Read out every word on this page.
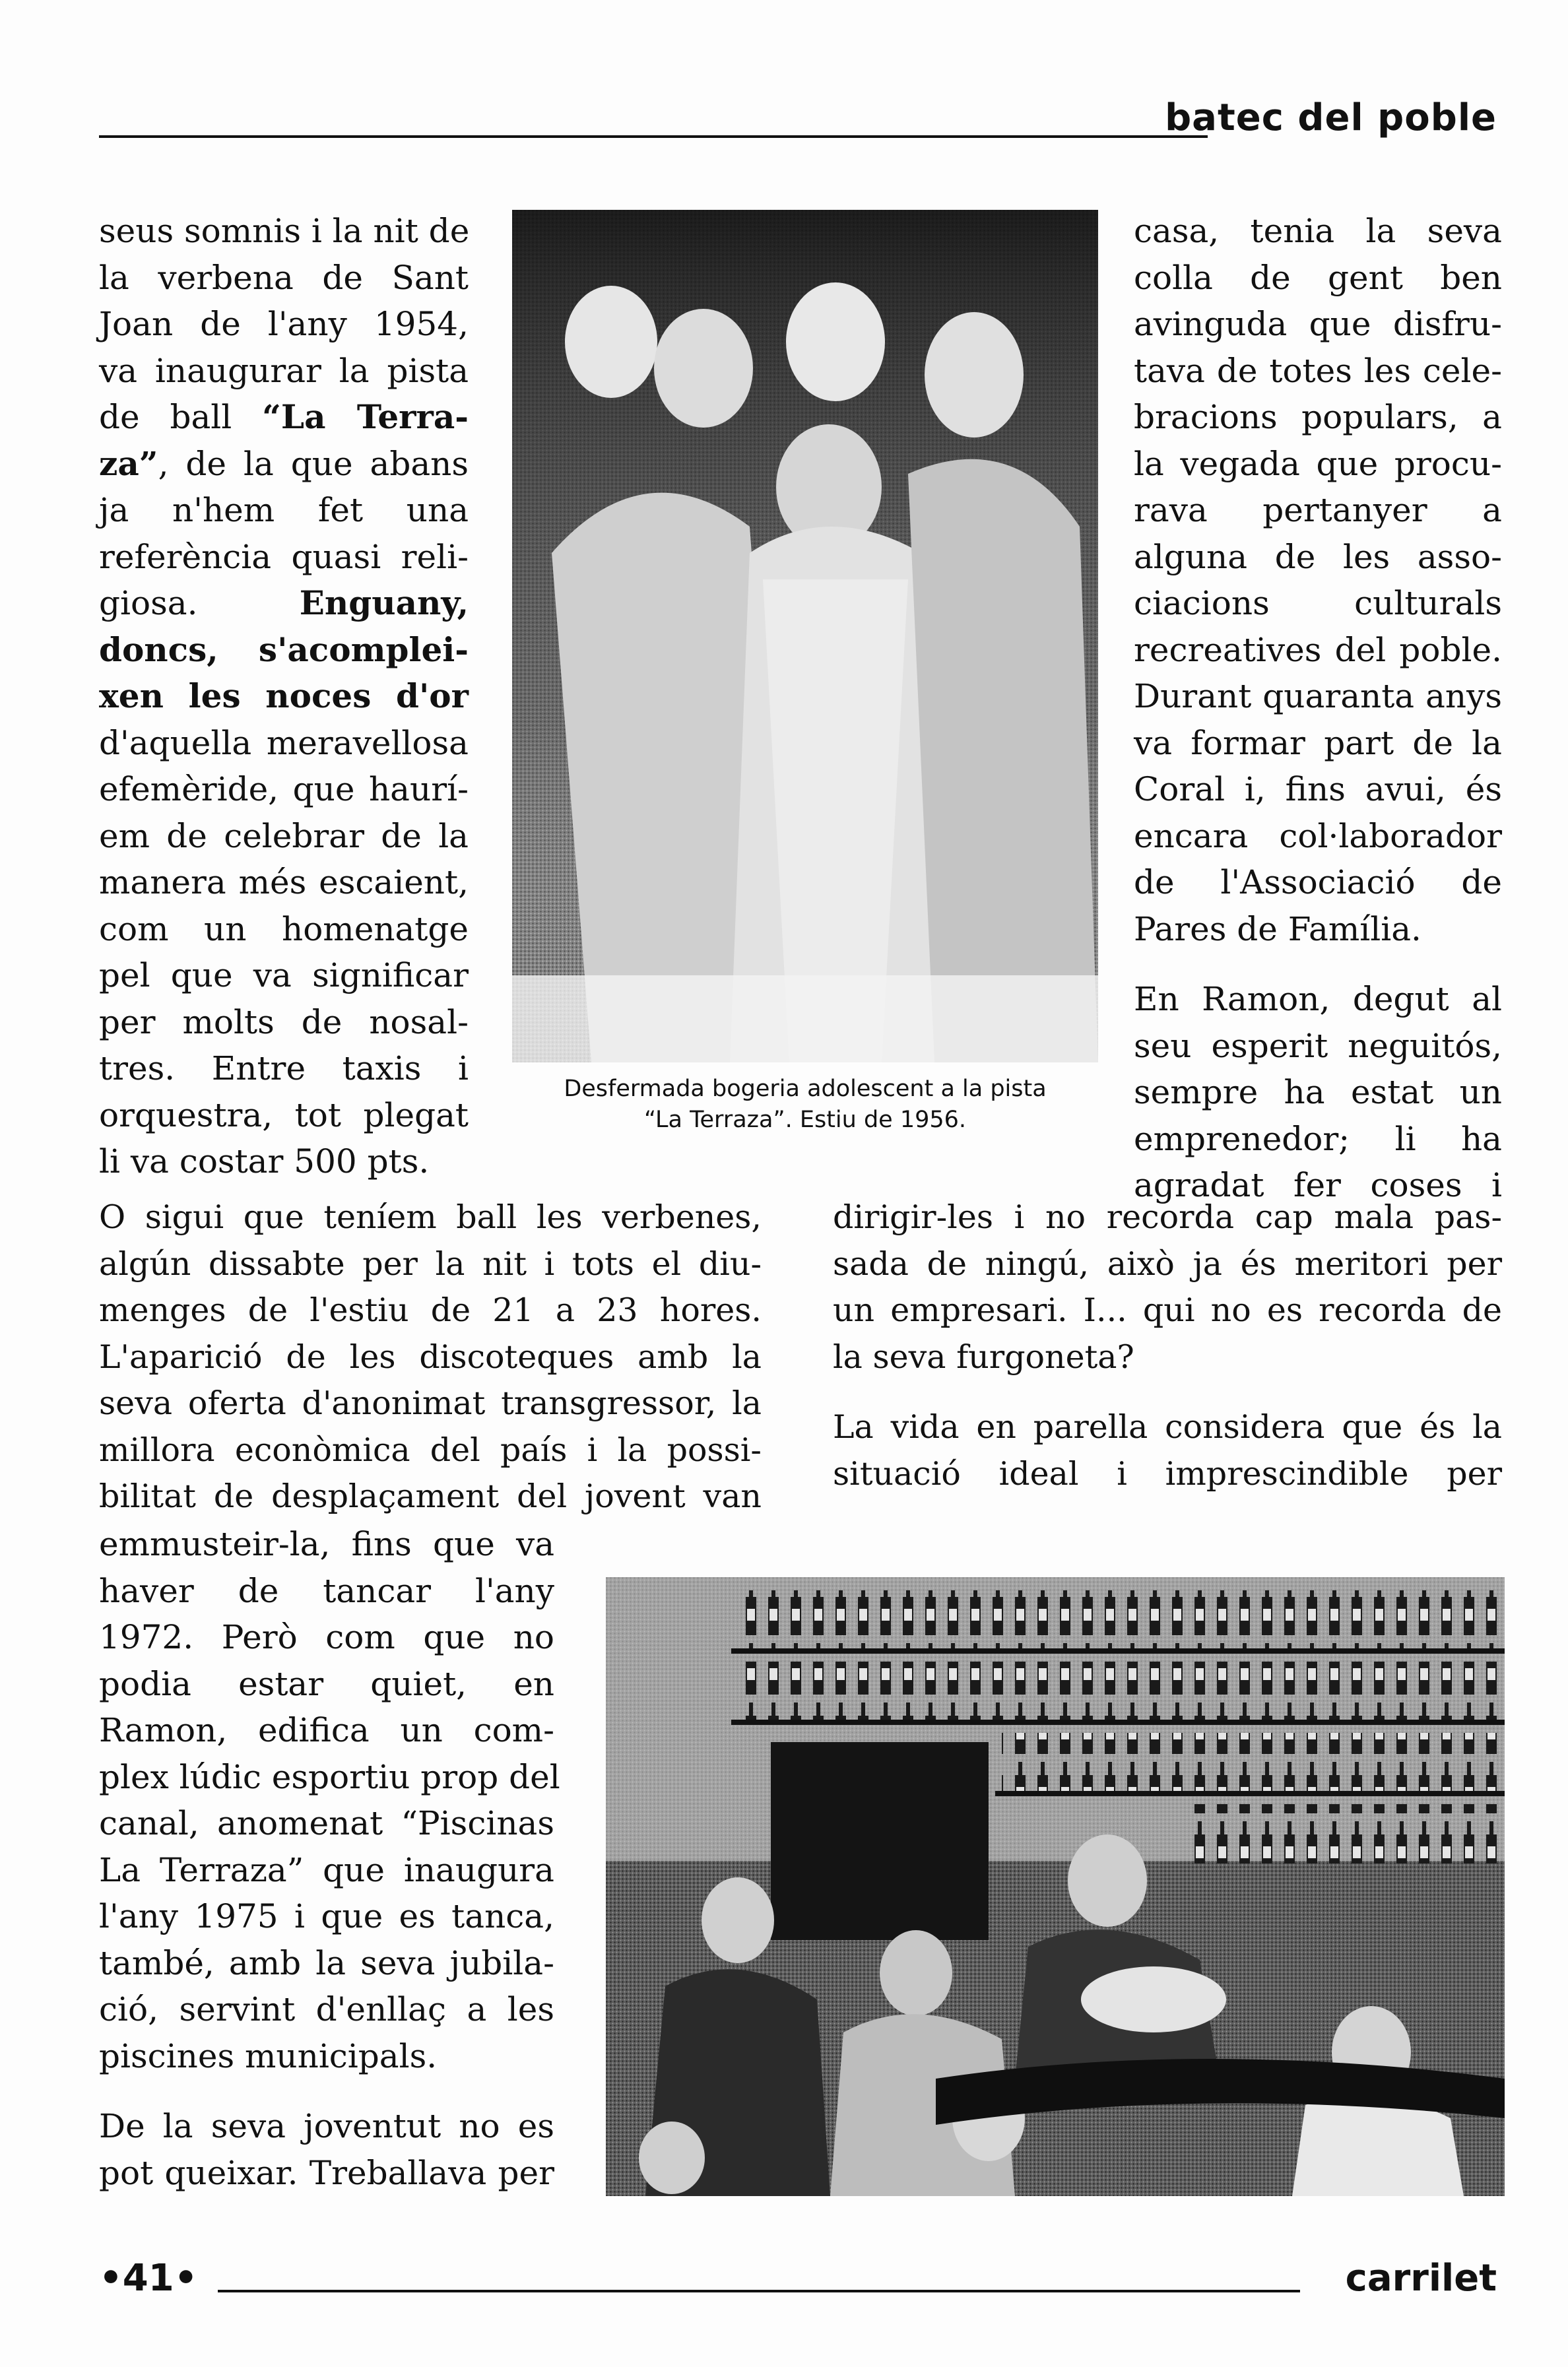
batec del poble
seus somnis i la nit de
la verbena de Sant
Joan de l'any 1954,
va inaugurar la pista
de ball “La Terra-
za”, de la que abans
ja n'hem fet una
referència quasi reli-
giosa.	Enguany,
doncs, s'acomplei-
xen les noces d'or
d'aquella meravellosa
efemèride, que haurí-
em de celebrar de la
manera més escaient,
com un homenatge
pel que va significar
per molts de nosal-
tres. Entre taxis i
orquestra, tot plegat
li va costar 500 pts.
Desfermada bogeria adolescent a la pista
“La Terraza”. Estiu de 1956.
casa, tenia la seva
colla de gent ben
avinguda que disfru-
tava de totes les cele-
bracions populars, a
la vegada que procu-
rava pertanyer a
alguna de les asso-
ciacions culturals
recreatives del poble.
Durant quaranta anys
va formar part de la
Coral i, fins avui, és
encara col·laborador
de l'Associació de
Pares de Família.
En Ramon, degut al
seu esperit neguitós,
sempre ha estat un
emprenedor; li ha
agradat fer coses i
O sigui que teníem ball les verbenes,
algún dissabte per la nit i tots el diu-
menges de l'estiu de 21 a 23 hores.
L'aparició de les discoteques amb la
seva oferta d'anonimat transgressor, la
millora econòmica del país i la possi-
bilitat de desplaçament del jovent van
dirigir-les i no recorda cap mala pas-
sada de ningú, això ja és meritori per
un empresari. I... qui no es recorda de
la seva furgoneta?
La vida en parella considera que és la
situació ideal i imprescindible per
emmusteir-la, fins que va
haver de tancar l'any
1972. Però com que no
podia estar quiet, en
Ramon, edifica un com-
plex lúdic esportiu prop del
canal, anomenat “Piscinas
La Terraza” que inaugura
l'any 1975 i que es tanca,
també, amb la seva jubila-
ció, servint d'enllaç a les
piscines municipals.
De la seva joventut no es
pot queixar. Treballava per
•41•	carrilet
